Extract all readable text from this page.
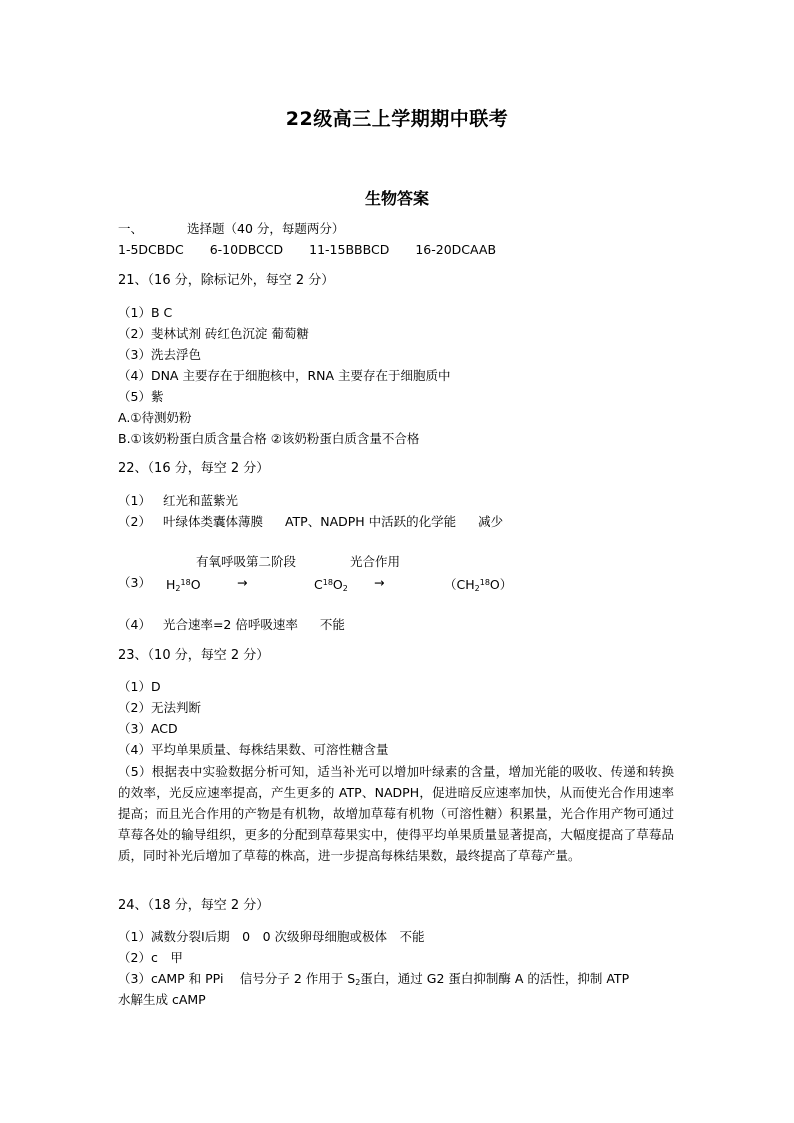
22级高三上学期期中联考
生物答案
一、	选择题（40 分，每题两分）
1-5DCBDC 6-10DBCCD 11-15BBBCD 16-20DCAAB
21、（16 分，除标记外，每空 2 分）
（1）B C
（2）斐林试剂 砖红色沉淀 葡萄糖
（3）洗去浮色
（4）DNA 主要存在于细胞核中，RNA 主要存在于细胞质中
（5）紫
A.①待测奶粉
B.①该奶粉蛋白质含量合格 ②该奶粉蛋白质含量不合格
22、（16 分，每空 2 分）
（1） 红光和蓝紫光
（2） 叶绿体类囊体薄膜 ATP、NADPH 中活跃的化学能 减少
有氧呼吸第二阶段	光合作用
（3） $H_2^{18}O$	→	$C^{18}O_2$ →	$(CH_2^{18}O)$
（4） 光合速率=2 倍呼吸速率 不能
23、（10 分，每空 2 分）
（1）D
（2）无法判断
（3）ACD
（4）平均单果质量、每株结果数、可溶性糖含量
（5）根据表中实验数据分析可知，适当补光可以增加叶绿素的含量，增加光能的吸收、传递和转换的效率，光反应速率提高，产生更多的 ATP、NADPH，促进暗反应速率加快，从而使光合作用速率提高；而且光合作用的产物是有机物，故增加草莓有机物（可溶性糖）积累量，光合作用产物可通过草莓各处的输导组织，更多的分配到草莓果实中，使得平均单果质量显著提高，大幅度提高了草莓品质，同时补光后增加了草莓的株高，进一步提高每株结果数，最终提高了草莓产量。
24、（18 分，每空 2 分）
（1）减数分裂Ⅰ后期　0　0 次级卵母细胞或极体　不能
（2）c　甲
（3）cAMP 和 PPi　 信号分子 2 作用于 $S_2$蛋白，通过 G2 蛋白抑制酶 A 的活性，抑制 ATP
水解生成 cAMP
